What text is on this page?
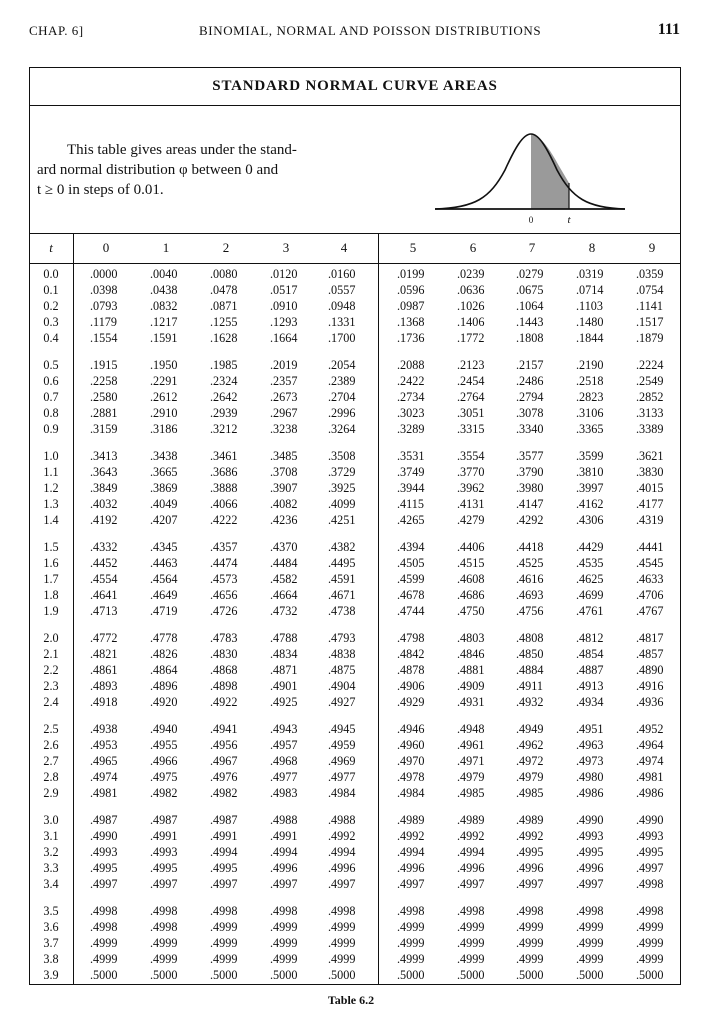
CHAP. 6]	BINOMIAL, NORMAL AND POISSON DISTRIBUTIONS	111
STANDARD NORMAL CURVE AREAS
This table gives areas under the stand-
ard normal distribution φ between 0 and
t ≥ 0 in steps of 0.01.
0	t
t	0	1	2	3	4	5	6	7	8	9
0.0	.0000	.0040	.0080	.0120	.0160	.0199	.0239	.0279	.0319	.0359
0.1	.0398	.0438	.0478	.0517	.0557	.0596	.0636	.0675	.0714	.0754
0.2	.0793	.0832	.0871	.0910	.0948	.0987	.1026	.1064	.1103	.1141
0.3	.1179	.1217	.1255	.1293	.1331	.1368	.1406	.1443	.1480	.1517
0.4	.1554	.1591	.1628	.1664	.1700	.1736	.1772	.1808	.1844	.1879
0.5	.1915	.1950	.1985	.2019	.2054	.2088	.2123	.2157	.2190	.2224
0.6	.2258	.2291	.2324	.2357	.2389	.2422	.2454	.2486	.2518	.2549
0.7	.2580	.2612	.2642	.2673	.2704	.2734	.2764	.2794	.2823	.2852
0.8	.2881	.2910	.2939	.2967	.2996	.3023	.3051	.3078	.3106	.3133
0.9	.3159	.3186	.3212	.3238	.3264	.3289	.3315	.3340	.3365	.3389
1.0	.3413	.3438	.3461	.3485	.3508	.3531	.3554	.3577	.3599	.3621
1.1	.3643	.3665	.3686	.3708	.3729	.3749	.3770	.3790	.3810	.3830
1.2	.3849	.3869	.3888	.3907	.3925	.3944	.3962	.3980	.3997	.4015
1.3	.4032	.4049	.4066	.4082	.4099	.4115	.4131	.4147	.4162	.4177
1.4	.4192	.4207	.4222	.4236	.4251	.4265	.4279	.4292	.4306	.4319
1.5	.4332	.4345	.4357	.4370	.4382	.4394	.4406	.4418	.4429	.4441
1.6	.4452	.4463	.4474	.4484	.4495	.4505	.4515	.4525	.4535	.4545
1.7	.4554	.4564	.4573	.4582	.4591	.4599	.4608	.4616	.4625	.4633
1.8	.4641	.4649	.4656	.4664	.4671	.4678	.4686	.4693	.4699	.4706
1.9	.4713	.4719	.4726	.4732	.4738	.4744	.4750	.4756	.4761	.4767
2.0	.4772	.4778	.4783	.4788	.4793	.4798	.4803	.4808	.4812	.4817
2.1	.4821	.4826	.4830	.4834	.4838	.4842	.4846	.4850	.4854	.4857
2.2	.4861	.4864	.4868	.4871	.4875	.4878	.4881	.4884	.4887	.4890
2.3	.4893	.4896	.4898	.4901	.4904	.4906	.4909	.4911	.4913	.4916
2.4	.4918	.4920	.4922	.4925	.4927	.4929	.4931	.4932	.4934	.4936
2.5	.4938	.4940	.4941	.4943	.4945	.4946	.4948	.4949	.4951	.4952
2.6	.4953	.4955	.4956	.4957	.4959	.4960	.4961	.4962	.4963	.4964
2.7	.4965	.4966	.4967	.4968	.4969	.4970	.4971	.4972	.4973	.4974
2.8	.4974	.4975	.4976	.4977	.4977	.4978	.4979	.4979	.4980	.4981
2.9	.4981	.4982	.4982	.4983	.4984	.4984	.4985	.4985	.4986	.4986
3.0	.4987	.4987	.4987	.4988	.4988	.4989	.4989	.4989	.4990	.4990
3.1	.4990	.4991	.4991	.4991	.4992	.4992	.4992	.4992	.4993	.4993
3.2	.4993	.4993	.4994	.4994	.4994	.4994	.4994	.4995	.4995	.4995
3.3	.4995	.4995	.4995	.4996	.4996	.4996	.4996	.4996	.4996	.4997
3.4	.4997	.4997	.4997	.4997	.4997	.4997	.4997	.4997	.4997	.4998
3.5	.4998	.4998	.4998	.4998	.4998	.4998	.4998	.4998	.4998	.4998
3.6	.4998	.4998	.4999	.4999	.4999	.4999	.4999	.4999	.4999	.4999
3.7	.4999	.4999	.4999	.4999	.4999	.4999	.4999	.4999	.4999	.4999
3.8	.4999	.4999	.4999	.4999	.4999	.4999	.4999	.4999	.4999	.4999
3.9	.5000	.5000	.5000	.5000	.5000	.5000	.5000	.5000	.5000	.5000
Table 6.2
